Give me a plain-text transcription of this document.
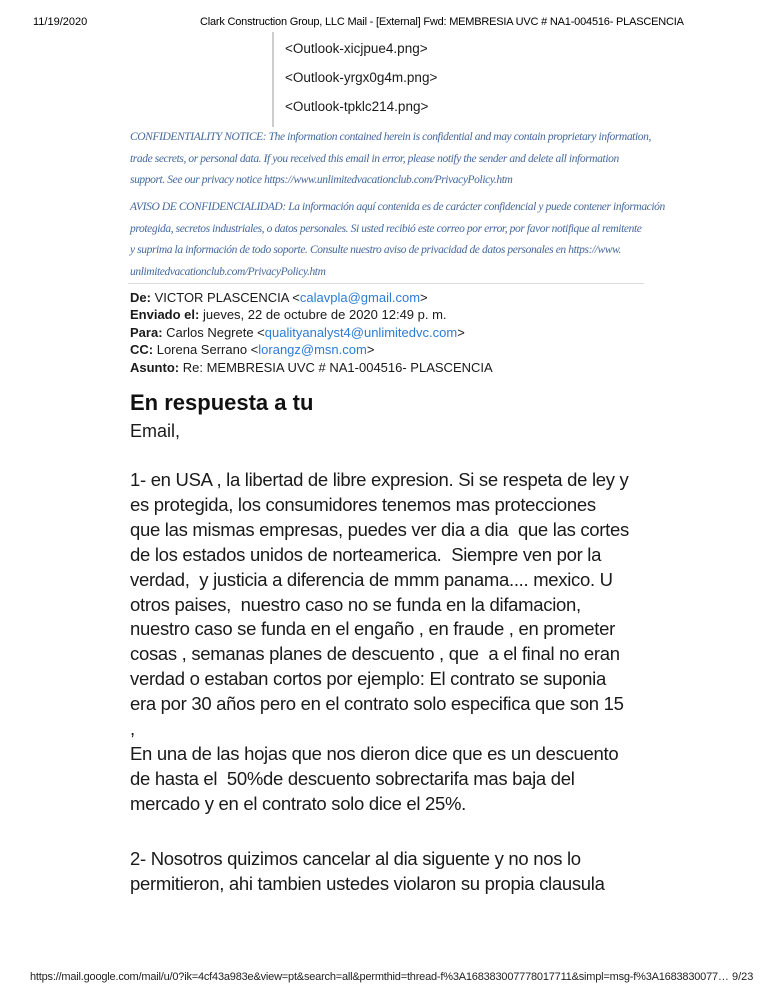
11/19/2020	Clark Construction Group, LLC Mail - [External] Fwd: MEMBRESIA UVC # NA1-004516- PLASCENCIA
<Outlook-xicjpue4.png>
<Outlook-yrgx0g4m.png>
<Outlook-tpklc214.png>
CONFIDENTIALITY NOTICE: The information contained herein is confidential and may contain proprietary information,
trade secrets, or personal data. If you received this email in error, please notify the sender and delete all information
support. See our privacy notice https://www.unlimitedvacationclub.com/PrivacyPolicy.htm
AVISO DE CONFIDENCIALIDAD: La información aquí contenida es de carácter confidencial y puede contener información
protegida, secretos industriales, o datos personales. Si usted recibió este correo por error, por favor notifique al remitente
y suprima la información de todo soporte. Consulte nuestro aviso de privacidad de datos personales en https://www.
unlimitedvacationclub.com/PrivacyPolicy.htm
De: VICTOR PLASCENCIA <calavpla@gmail.com>
Enviado el: jueves, 22 de octubre de 2020 12:49 p. m.
Para: Carlos Negrete <qualityanalyst4@unlimitedvc.com>
CC: Lorena Serrano <lorangz@msn.com>
Asunto: Re: MEMBRESIA UVC # NA1-004516- PLASCENCIA
En respuesta a tu
Email,
1- en USA , la libertad de libre expresion. Si se respeta de ley y
es protegida, los consumidores tenemos mas protecciones
que las mismas empresas, puedes ver dia a dia  que las cortes
de los estados unidos de norteamerica.  Siempre ven por la
verdad,  y justicia a diferencia de mmm panama.... mexico. U
otros paises,  nuestro caso no se funda en la difamacion,
nuestro caso se funda en el engaño , en fraude , en prometer
cosas , semanas planes de descuento , que  a el final no eran
verdad o estaban cortos por ejemplo: El contrato se suponia
era por 30 años pero en el contrato solo especifica que son 15
,
En una de las hojas que nos dieron dice que es un descuento
de hasta el  50%de descuento sobrectarifa mas baja del
mercado y en el contrato solo dice el 25%.
2- Nosotros quizimos cancelar al dia siguente y no nos lo
permitieron, ahi tambien ustedes violaron su propia clausula
https://mail.google.com/mail/u/0?ik=4cf43a983e&view=pt&search=all&permthid=thread-f%3A168383007778017711&simpl=msg-f%3A1683830077… 9/23
